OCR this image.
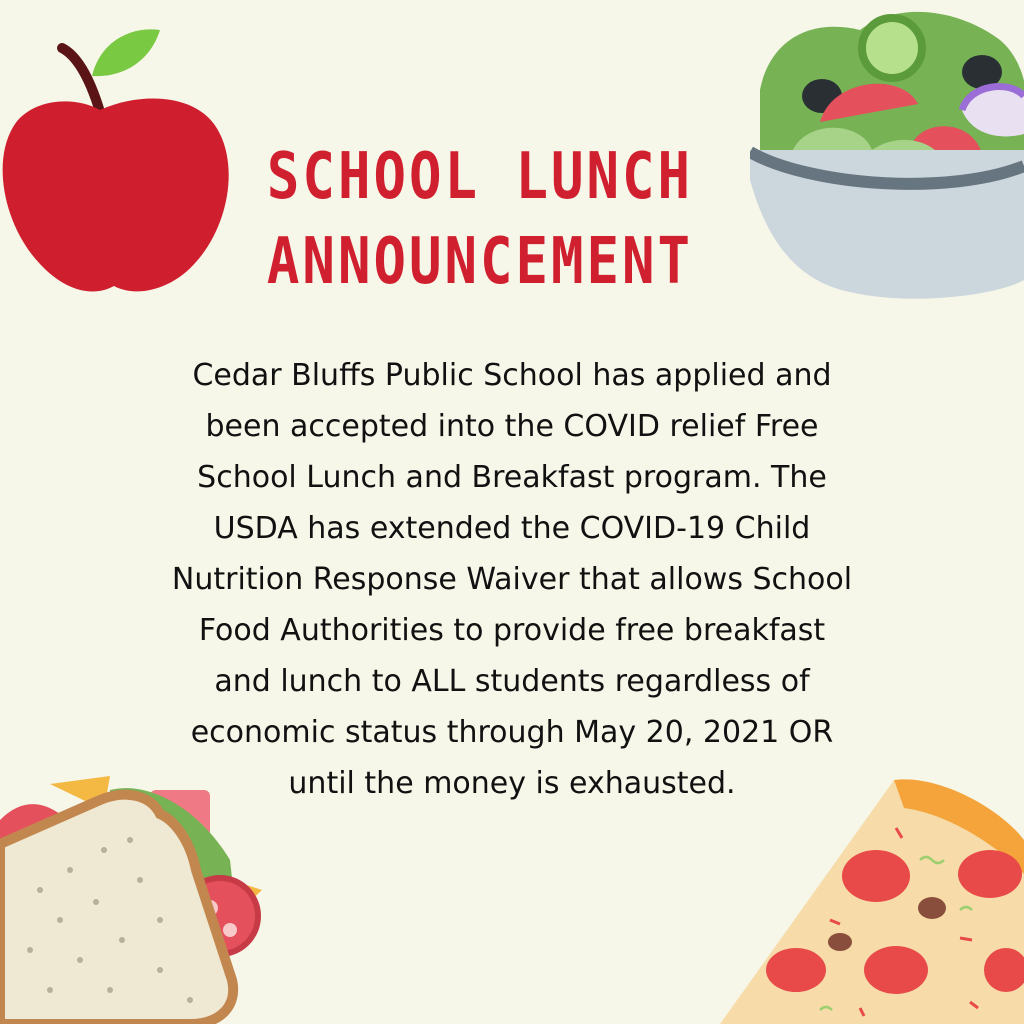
SCHOOL LUNCH
ANNOUNCEMENT

Cedar Bluffs Public School has applied and
been accepted into the COVID relief Free
School Lunch and Breakfast program. The
USDA has extended the COVID-19 Child
Nutrition Response Waiver that allows School
Food Authorities to provide free breakfast
and lunch to ALL students regardless of
economic status through May 20, 2021 OR
until the money is exhausted.
